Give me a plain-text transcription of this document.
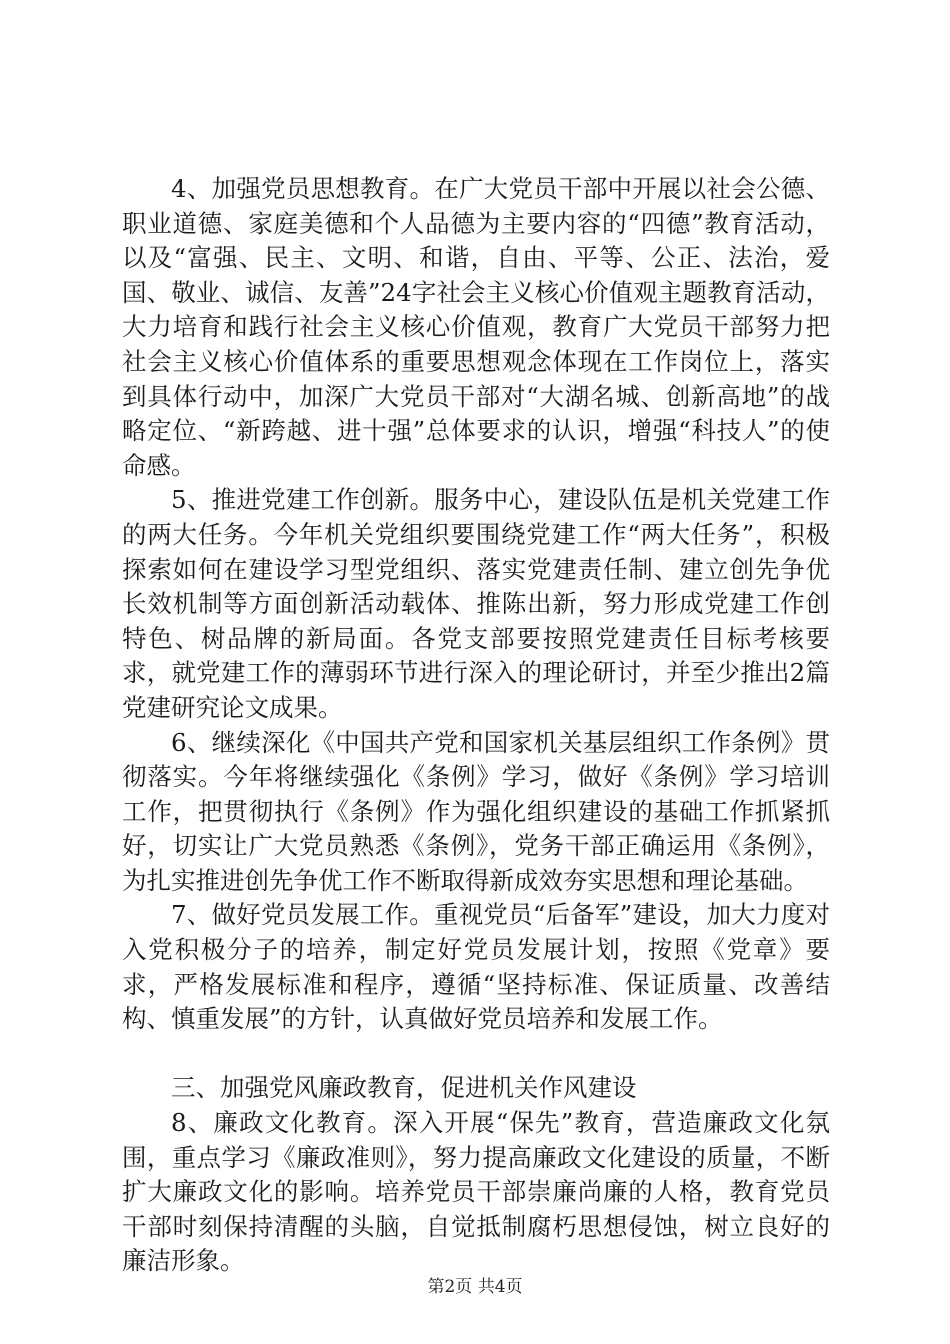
4、加强党员思想教育。在广大党员干部中开展以社会公德、职业道德、家庭美德和个人品德为主要内容的“四德”教育活动，以及“富强、民主、文明、和谐，自由、平等、公正、法治，爱国、敬业、诚信、友善”24字社会主义核心价值观主题教育活动，大力培育和践行社会主义核心价值观，教育广大党员干部努力把社会主义核心价值体系的重要思想观念体现在工作岗位上，落实到具体行动中，加深广大党员干部对“大湖名城、创新高地”的战略定位、“新跨越、进十强”总体要求的认识，增强“科技人”的使命感。

5、推进党建工作创新。服务中心，建设队伍是机关党建工作的两大任务。今年机关党组织要围绕党建工作“两大任务”，积极探索如何在建设学习型党组织、落实党建责任制、建立创先争优长效机制等方面创新活动载体、推陈出新，努力形成党建工作创特色、树品牌的新局面。各党支部要按照党建责任目标考核要求，就党建工作的薄弱环节进行深入的理论研讨，并至少推出2篇党建研究论文成果。

6、继续深化《中国共产党和国家机关基层组织工作条例》贯彻落实。今年将继续强化《条例》学习，做好《条例》学习培训工作，把贯彻执行《条例》作为强化组织建设的基础工作抓紧抓好，切实让广大党员熟悉《条例》，党务干部正确运用《条例》，为扎实推进创先争优工作不断取得新成效夯实思想和理论基础。

7、做好党员发展工作。重视党员“后备军”建设，加大力度对入党积极分子的培养，制定好党员发展计划，按照《党章》要求，严格发展标准和程序，遵循“坚持标准、保证质量、改善结构、慎重发展”的方针，认真做好党员培养和发展工作。

三、加强党风廉政教育，促进机关作风建设

8、廉政文化教育。深入开展“保先”教育，营造廉政文化氛围，重点学习《廉政准则》，努力提高廉政文化建设的质量，不断扩大廉政文化的影响。培养党员干部崇廉尚廉的人格，教育党员干部时刻保持清醒的头脑，自觉抵制腐朽思想侵蚀，树立良好的廉洁形象。

第2页 共4页
